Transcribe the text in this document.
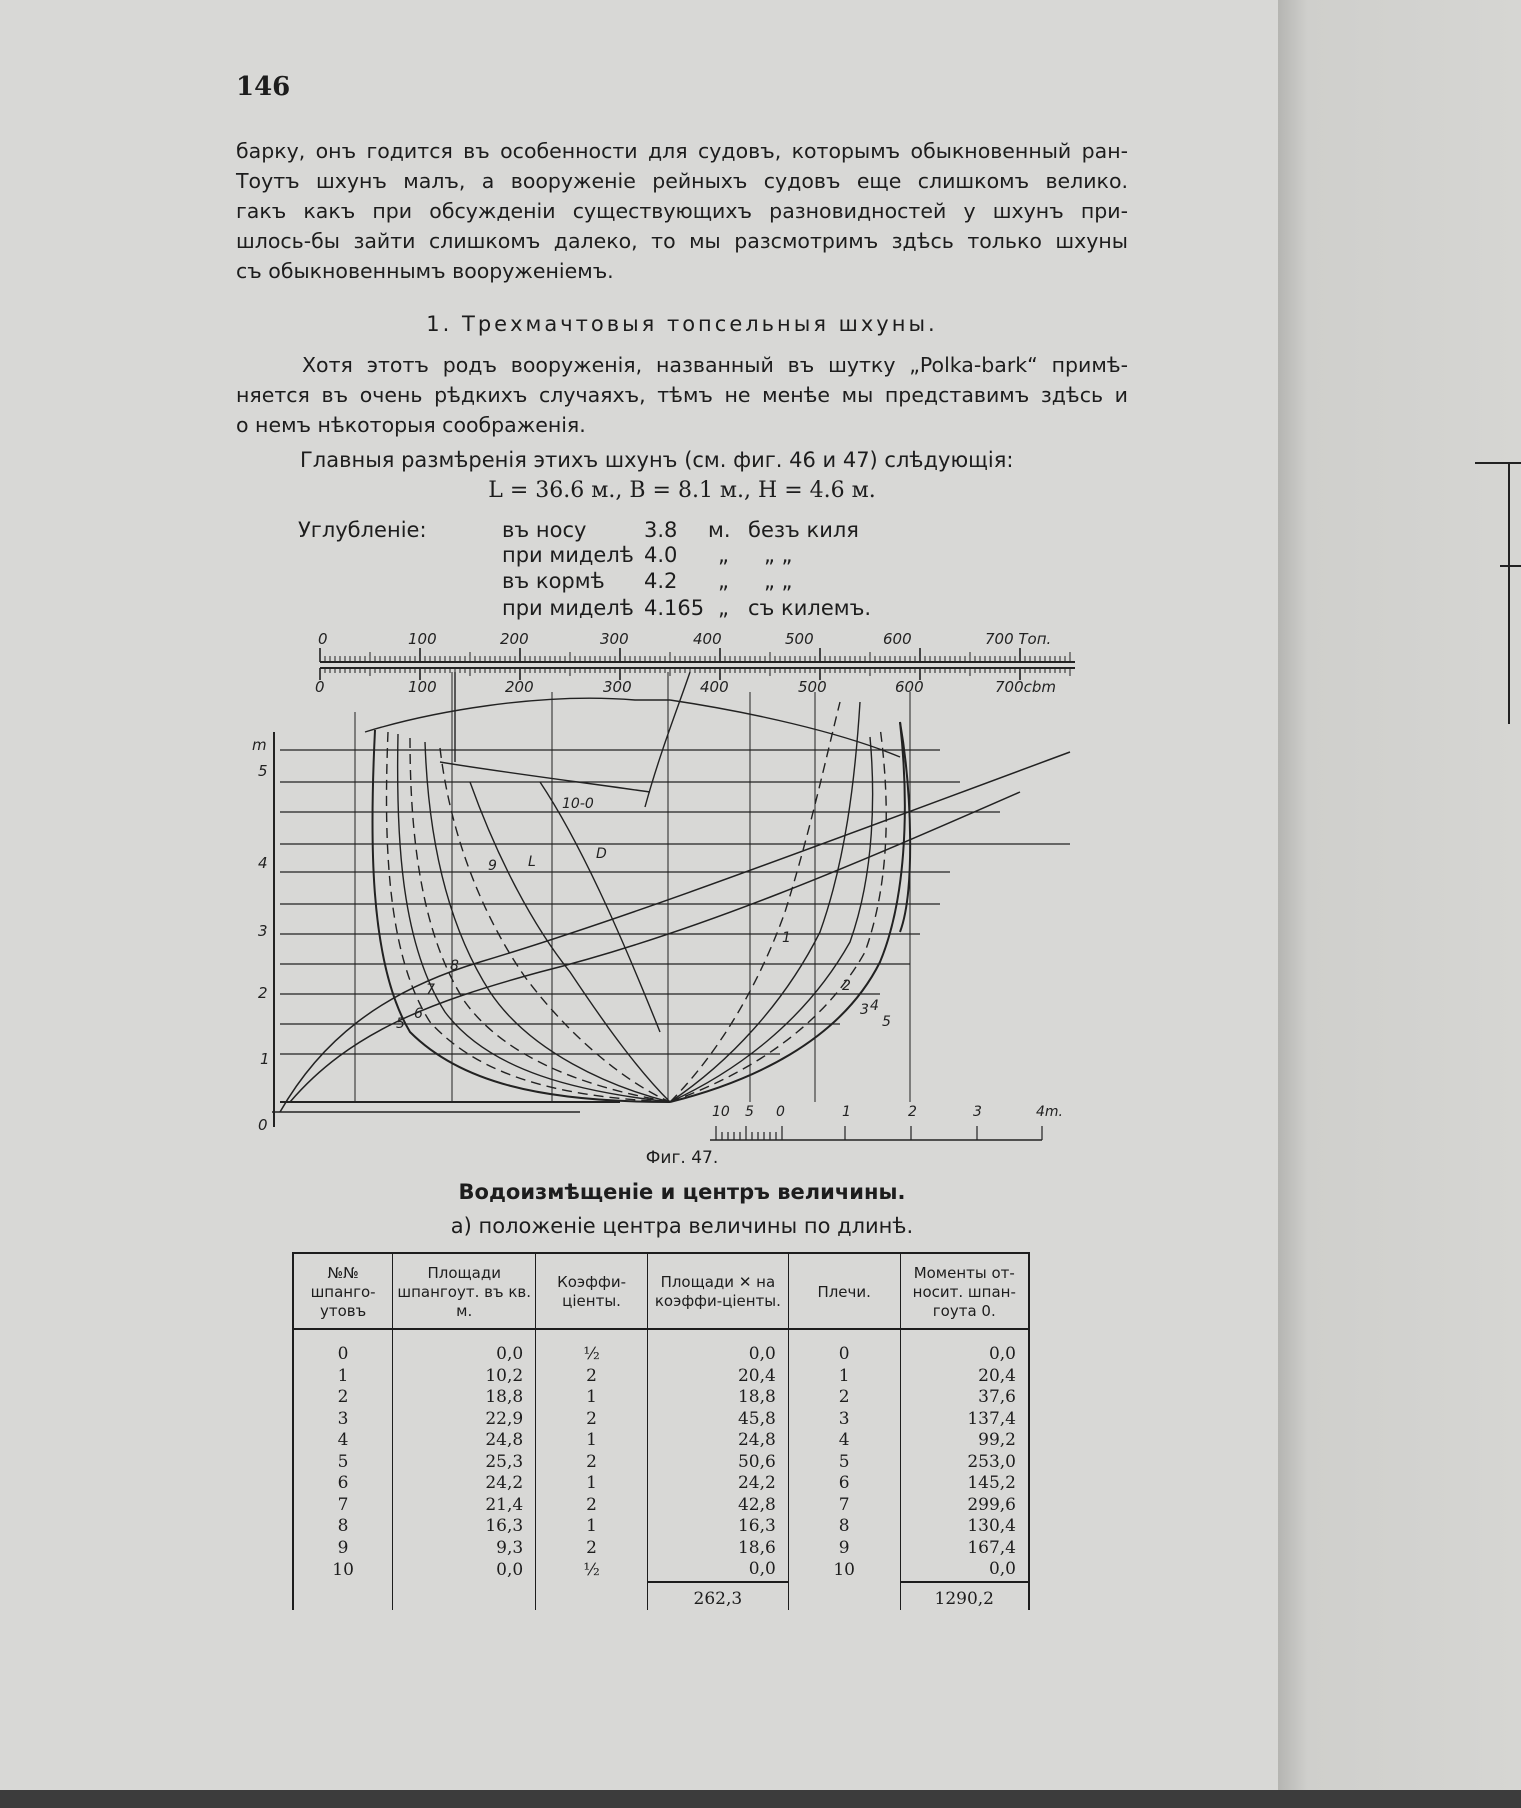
146
барку, онъ годится въ особенности для судовъ, которымъ обыкновенный ран-
Тоутъ шхунъ малъ, а вооруженіе рейныхъ судовъ еще слишкомъ велико.
гакъ какъ при обсужденіи существующихъ разновидностей у шхунъ при-
шлось-бы зайти слишкомъ далеко, то мы разсмотримъ здѣсь только шхуны
съ обыкновеннымъ вооруженіемъ.
1. Трехмачтовыя топсельныя шхуны.
Хотя этотъ родъ вооруженія, названный въ шутку „Polka-bark“ примѣ-
няется въ очень рѣдкихъ случаяхъ, тѣмъ не менѣе мы представимъ здѣсь и
о немъ нѣкоторыя соображенія.
Главныя размѣренія этихъ шхунъ (см. фиг. 46 и 47) слѣдующія:
L = 36.6 м., B = 8.1 м., H = 4.6 м.
Углубленіе:	въ носу	3.8 м. безъ киля
при миделѣ 4.0 „ „ „
въ кормѣ 4.2 „ „ „
при миделѣ 4.165 „ съ килемъ.
0	100	200	300	400	500	600	700 Топ.
0	100	200	300	400	500	600	700cbm
m
5
4
3
2
1
0
10-0
9 L	D
8
7
6
5
1
2
3 4
5
10 5 0	1	2	3	4m.
Фиг. 47.
Водоизмѣщеніе и центръ величины.
а) положеніе центра величины по длинѣ.
№№ шпанго-утовъ	Площади шпангоут. въ кв. м.	Коэффи-ціенты.	Площади ✕ на коэффи-ціенты.	Плечи.	Моменты от-носит. шпан-гоута 0.
0	0,0	½	0,0	0	0,0
1	10,2	2	20,4	1	20,4
2	18,8	1	18,8	2	37,6
3	22,9	2	45,8	3	137,4
4	24,8	1	24,8	4	99,2
5	25,3	2	50,6	5	253,0
6	24,2	1	24,2	6	145,2
7	21,4	2	42,8	7	299,6
8	16,3	1	16,3	8	130,4
9	9,3	2	18,6	9	167,4
10	0,0	½	0,0	10	0,0
			262,3		1290,2
